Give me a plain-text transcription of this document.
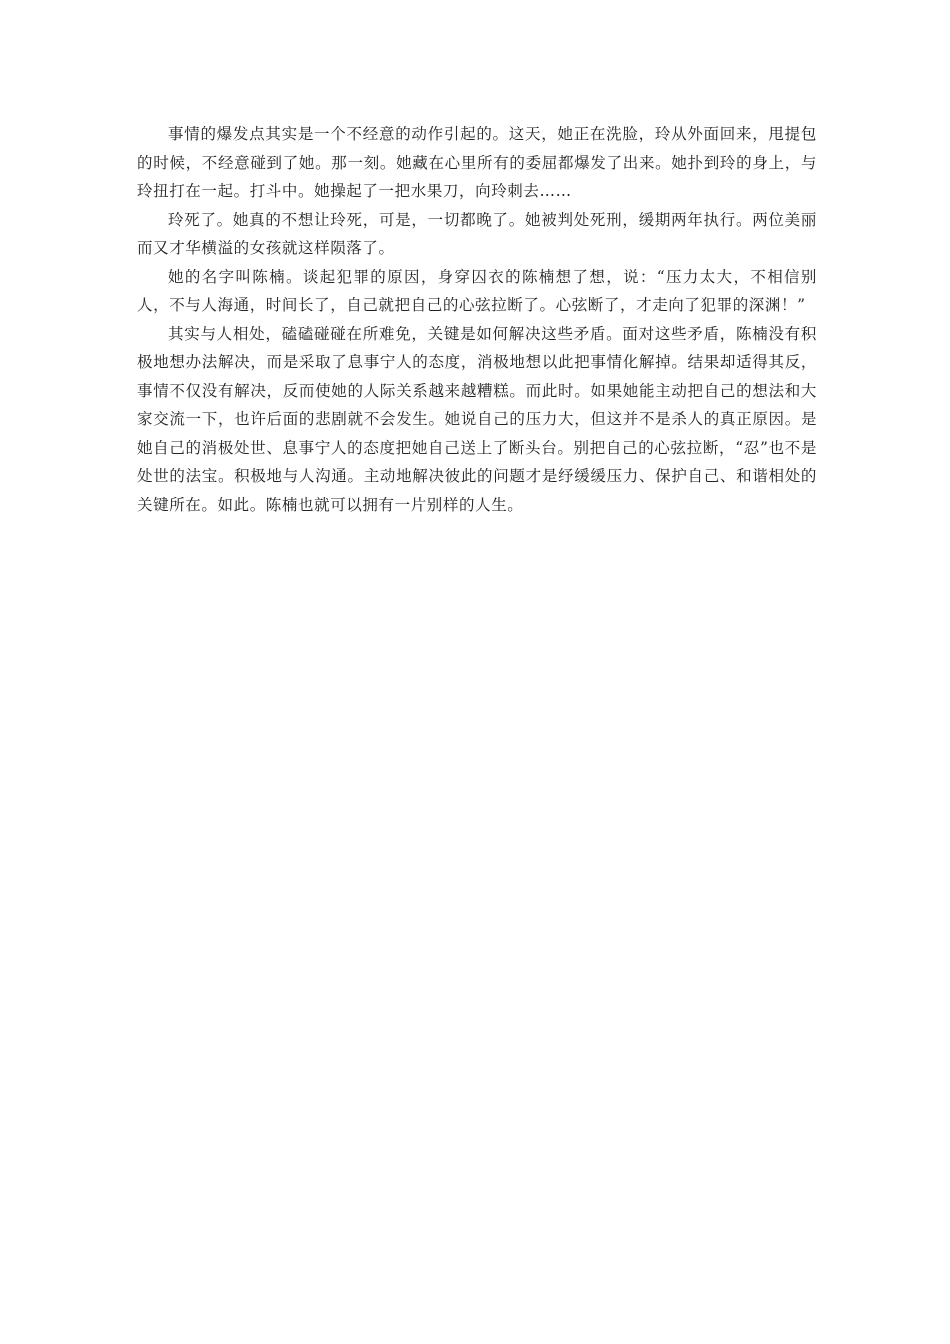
事情的爆发点其实是一个不经意的动作引起的。这天，她正在洗脸，玲从外面回来，甩提包的时候，不经意碰到了她。那一刻。她藏在心里所有的委屈都爆发了出来。她扑到玲的身上，与玲扭打在一起。打斗中。她操起了一把水果刀，向玲刺去……

玲死了。她真的不想让玲死，可是，一切都晚了。她被判处死刑，缓期两年执行。两位美丽而又才华横溢的女孩就这样陨落了。

她的名字叫陈楠。谈起犯罪的原因，身穿囚衣的陈楠想了想，说：“压力太大，不相信别人，不与人海通，时间长了，自己就把自己的心弦拉断了。心弦断了，才走向了犯罪的深渊！”

其实与人相处，磕磕碰碰在所难免，关键是如何解决这些矛盾。面对这些矛盾，陈楠没有积极地想办法解决，而是采取了息事宁人的态度，消极地想以此把事情化解掉。结果却适得其反，事情不仅没有解决，反而使她的人际关系越来越糟糕。而此时。如果她能主动把自己的想法和大家交流一下，也许后面的悲剧就不会发生。她说自己的压力大，但这并不是杀人的真正原因。是她自己的消极处世、息事宁人的态度把她自己送上了断头台。别把自己的心弦拉断，“忍”也不是处世的法宝。积极地与人沟通。主动地解决彼此的问题才是纾缓缓压力、保护自己、和谐相处的关键所在。如此。陈楠也就可以拥有一片别样的人生。
